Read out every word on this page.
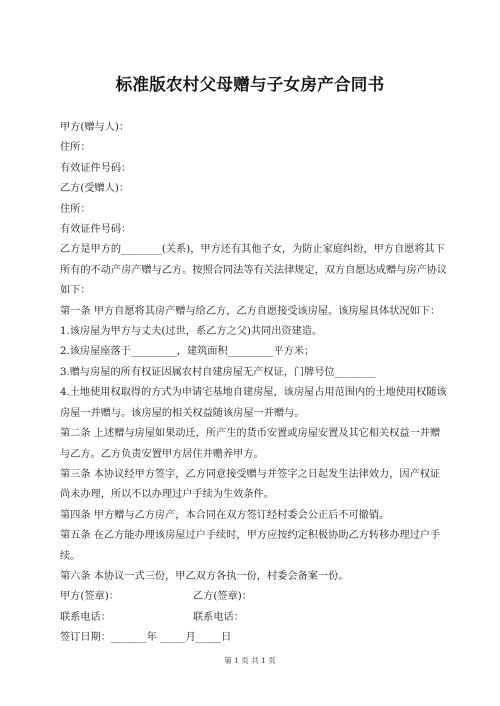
标准版农村父母赠与子女房产合同书

甲方(赠与人)：

住所：

有效证件号码：

乙方(受赠人)：

住所：

有效证件号码：

乙方是甲方的________(关系)，甲方还有其他子女，为防止家庭纠纷，甲方自愿将其下所有的不动产房产赠与乙方。按照合同法等有关法律规定，双方自愿达成赠与房产协议如下：

第一条 甲方自愿将其房产赠与给乙方，乙方自愿接受该房屋。该房屋具体状况如下：

1.该房屋为甲方与丈夫(过世，系乙方之父)共同出资建造。

2.该房屋座落于_________，建筑面积_________平方米；

3.赠与房屋的所有权证因属农村自建房屋无产权证，门牌号位________

4.土地使用权取得的方式为申请宅基地自建房屋，该房屋占用范围内的土地使用权随该房屋一并赠与。该房屋的相关权益随该房屋一并赠与。

第二条 上述赠与房屋如果动迁，所产生的货币安置或房屋安置及其它相关权益一并赠与乙方。乙方负责安置甲方居住并赡养甲方。

第三条 本协议经甲方签字，乙方同意接受赠与并签字之日起发生法律效力，因产权证尚未办理，所以不以办理过户手续为生效条件。

第四条 甲方赠与乙方房产，本合同在双方签订经村委会公正后不可撤销。

第五条 在乙方能办理该房屋过户手续时，甲方应按约定积极协助乙方转移办理过户手续。

第六条 本协议一式三份，甲乙双方各执一份，村委会备案一份。

甲方(签章)：	乙方(签章)：
联系电话：	联系电话：

签订日期：_______年 _____月_____日

第 1 页 共 1 页
